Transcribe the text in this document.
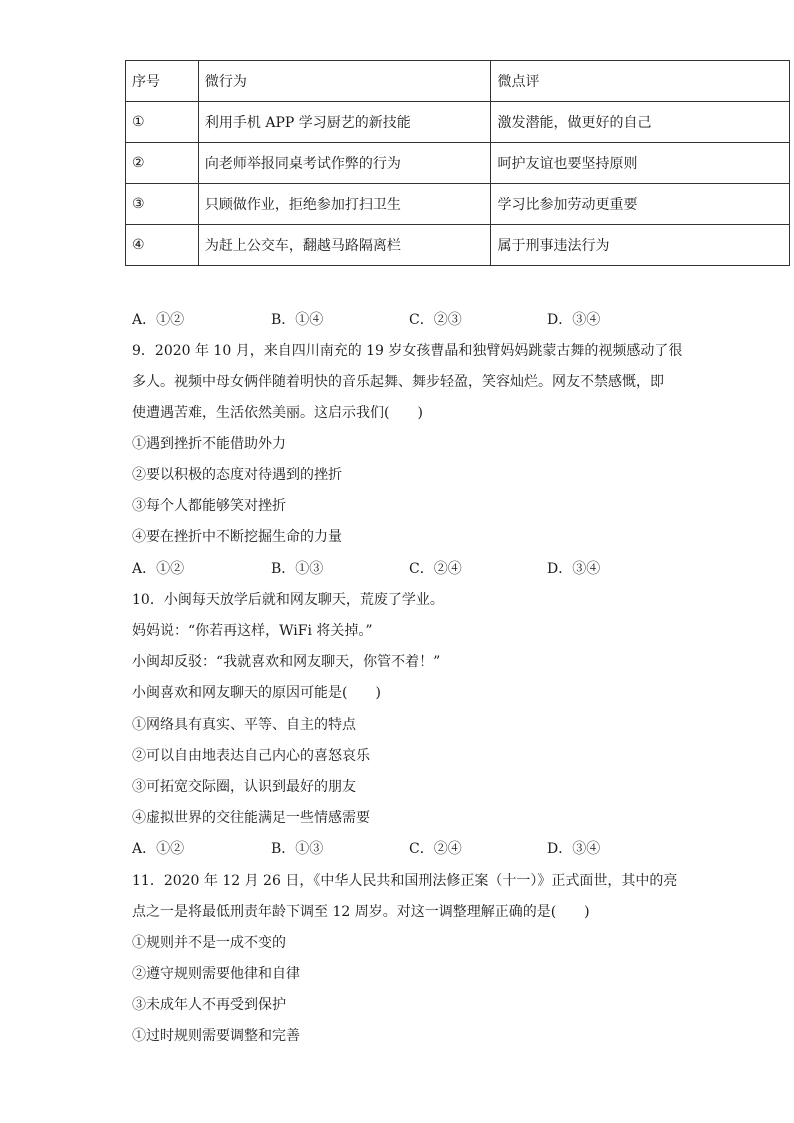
序号	微行为	微点评
①	利用手机 APP 学习厨艺的新技能	激发潜能，做更好的自己
②	向老师举报同桌考试作弊的行为	呵护友谊也要坚持原则
③	只顾做作业，拒绝参加打扫卫生	学习比参加劳动更重要
④	为赶上公交车，翻越马路隔离栏	属于刑事违法行为
A．①②	B．①④	C．②③	D．③④
9．2020 年 10 月，来自四川南充的 19 岁女孩曹晶和独臂妈妈跳蒙古舞的视频感动了很
多人。视频中母女俩伴随着明快的音乐起舞、舞步轻盈，笑容灿烂。网友不禁感慨，即
使遭遇苦难，生活依然美丽。这启示我们(　　)
①遇到挫折不能借助外力
②要以积极的态度对待遇到的挫折
③每个人都能够笑对挫折
④要在挫折中不断挖掘生命的力量
A．①②	B．①③	C．②④	D．③④
10．小闽每天放学后就和网友聊天，荒废了学业。
妈妈说：“你若再这样，WiFi 将关掉。”
小闽却反驳：“我就喜欢和网友聊天，你管不着！”
小闽喜欢和网友聊天的原因可能是(　　)
①网络具有真实、平等、自主的特点
②可以自由地表达自己内心的喜怒哀乐
③可拓宽交际圈，认识到最好的朋友
④虚拟世界的交往能满足一些情感需要
A．①②	B．①③	C．②④	D．③④
11．2020 年 12 月 26 日，《中华人民共和国刑法修正案（十一）》正式面世，其中的亮
点之一是将最低刑责年龄下调至 12 周岁。对这一调整理解正确的是(　　)
①规则并不是一成不变的
②遵守规则需要他律和自律
③未成年人不再受到保护
①过时规则需要调整和完善
